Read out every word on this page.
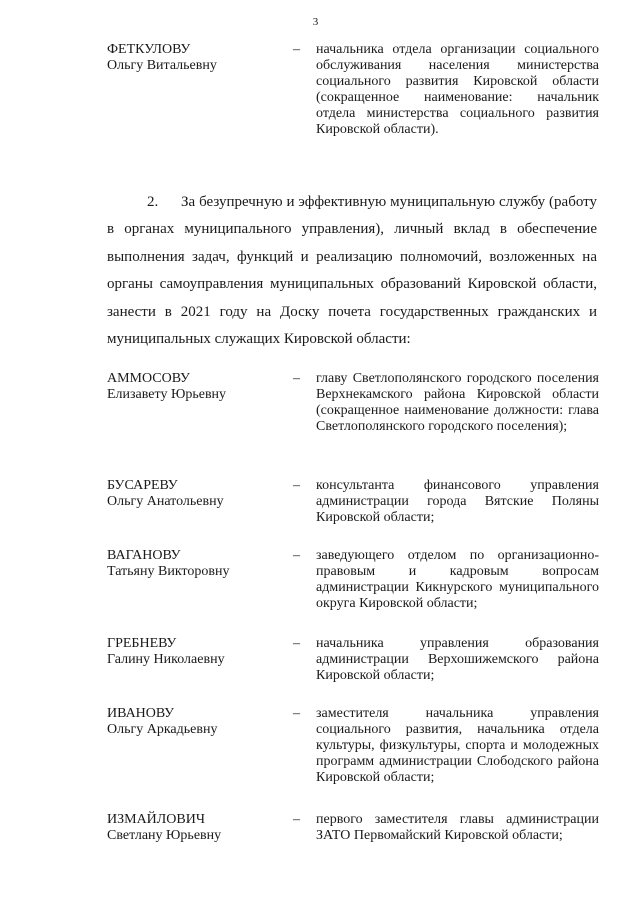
3
ФЕТКУЛОВУ
Ольгу Витальевну
– начальника отдела организации социального обслуживания населения министерства социального развития Кировской области (сокращенное наименование: начальник отдела министерства социального развития Кировской области).
2. За безупречную и эффективную муниципальную службу (работу в органах муниципального управления), личный вклад в обеспечение выполнения задач, функций и реализацию полномочий, возложенных на органы самоуправления муниципальных образований Кировской области, занести в 2021 году на Доску почета государственных гражданских и муниципальных служащих Кировской области:
АММОСОВУ
Елизавету Юрьевну
– главу Светлополянского городского поселения Верхнекамского района Кировской области (сокращенное наименование должности: глава Светлополянского городского поселения);
БУСАРЕВУ
Ольгу Анатольевну
– консультанта финансового управления администрации города Вятские Поляны Кировской области;
ВАГАНОВУ
Татьяну Викторовну
– заведующего отделом по организационно-правовым и кадровым вопросам администрации Кикнурского муниципального округа Кировской области;
ГРЕБНЕВУ
Галину Николаевну
– начальника управления образования администрации Верхошижемского района Кировской области;
ИВАНОВУ
Ольгу Аркадьевну
– заместителя начальника управления социального развития, начальника отдела культуры, физкультуры, спорта и молодежных программ администрации Слободского района Кировской области;
ИЗМАЙЛОВИЧ
Светлану Юрьевну
– первого заместителя главы администрации ЗАТО Первомайский Кировской области;
